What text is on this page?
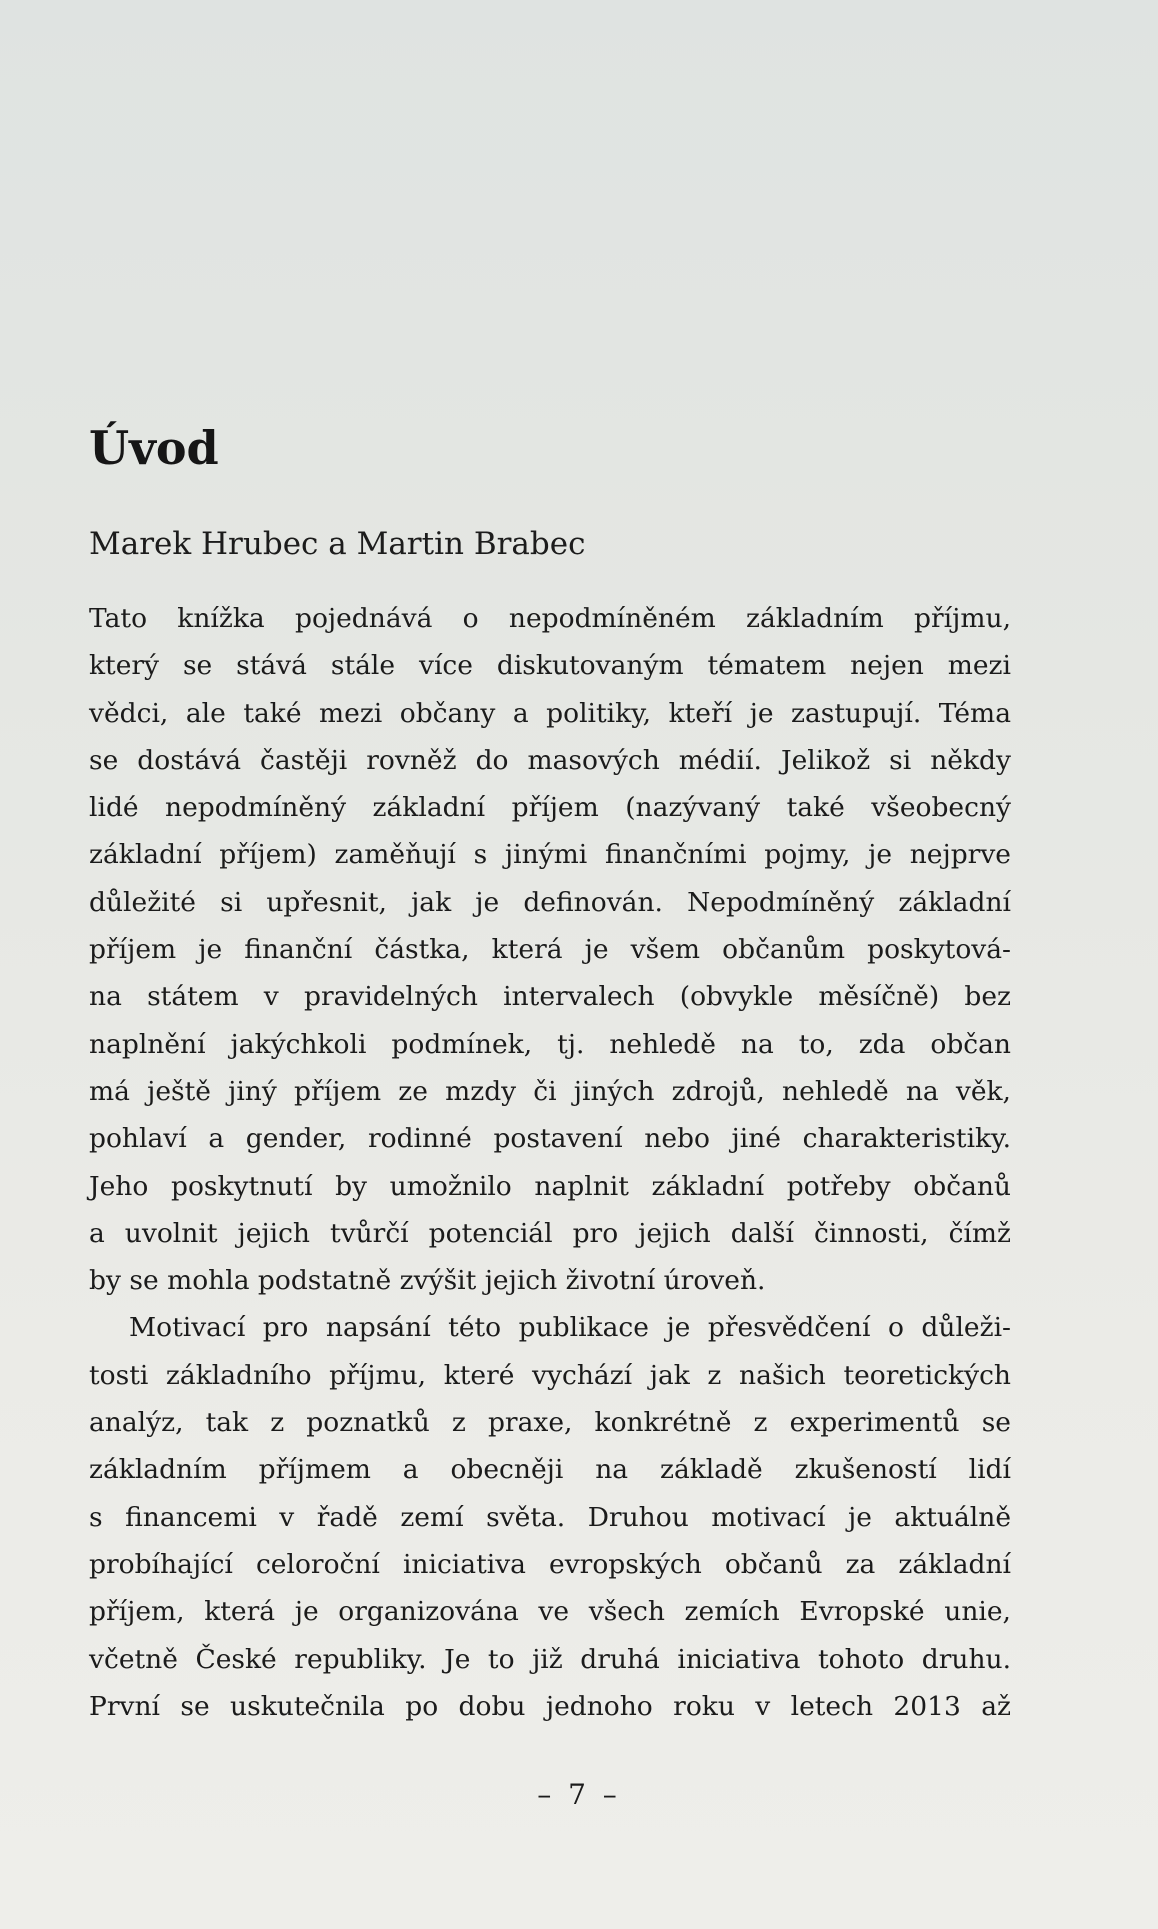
Úvod
Marek Hrubec a Martin Brabec
Tato knížka pojednává o nepodmíněném základním příjmu,
který se stává stále více diskutovaným tématem nejen mezi
vědci, ale také mezi občany a politiky, kteří je zastupují. Téma
se dostává častěji rovněž do masových médií. Jelikož si někdy
lidé nepodmíněný základní příjem (nazývaný také všeobecný
základní příjem) zaměňují s jinými finančními pojmy, je nejprve
důležité si upřesnit, jak je definován. Nepodmíněný základní
příjem je finanční částka, která je všem občanům poskytová-
na státem v pravidelných intervalech (obvykle měsíčně) bez
naplnění jakýchkoli podmínek, tj. nehledě na to, zda občan
má ještě jiný příjem ze mzdy či jiných zdrojů, nehledě na věk,
pohlaví a gender, rodinné postavení nebo jiné charakteristiky.
Jeho poskytnutí by umožnilo naplnit základní potřeby občanů
a uvolnit jejich tvůrčí potenciál pro jejich další činnosti, čímž
by se mohla podstatně zvýšit jejich životní úroveň.
Motivací pro napsání této publikace je přesvědčení o důleži-
tosti základního příjmu, které vychází jak z našich teoretických
analýz, tak z poznatků z praxe, konkrétně z experimentů se
základním příjmem a obecněji na základě zkušeností lidí
s financemi v řadě zemí světa. Druhou motivací je aktuálně
probíhající celoroční iniciativa evropských občanů za základní
příjem, která je organizována ve všech zemích Evropské unie,
včetně České republiky. Je to již druhá iniciativa tohoto druhu.
První se uskutečnila po dobu jednoho roku v letech 2013 až
– 7 –
